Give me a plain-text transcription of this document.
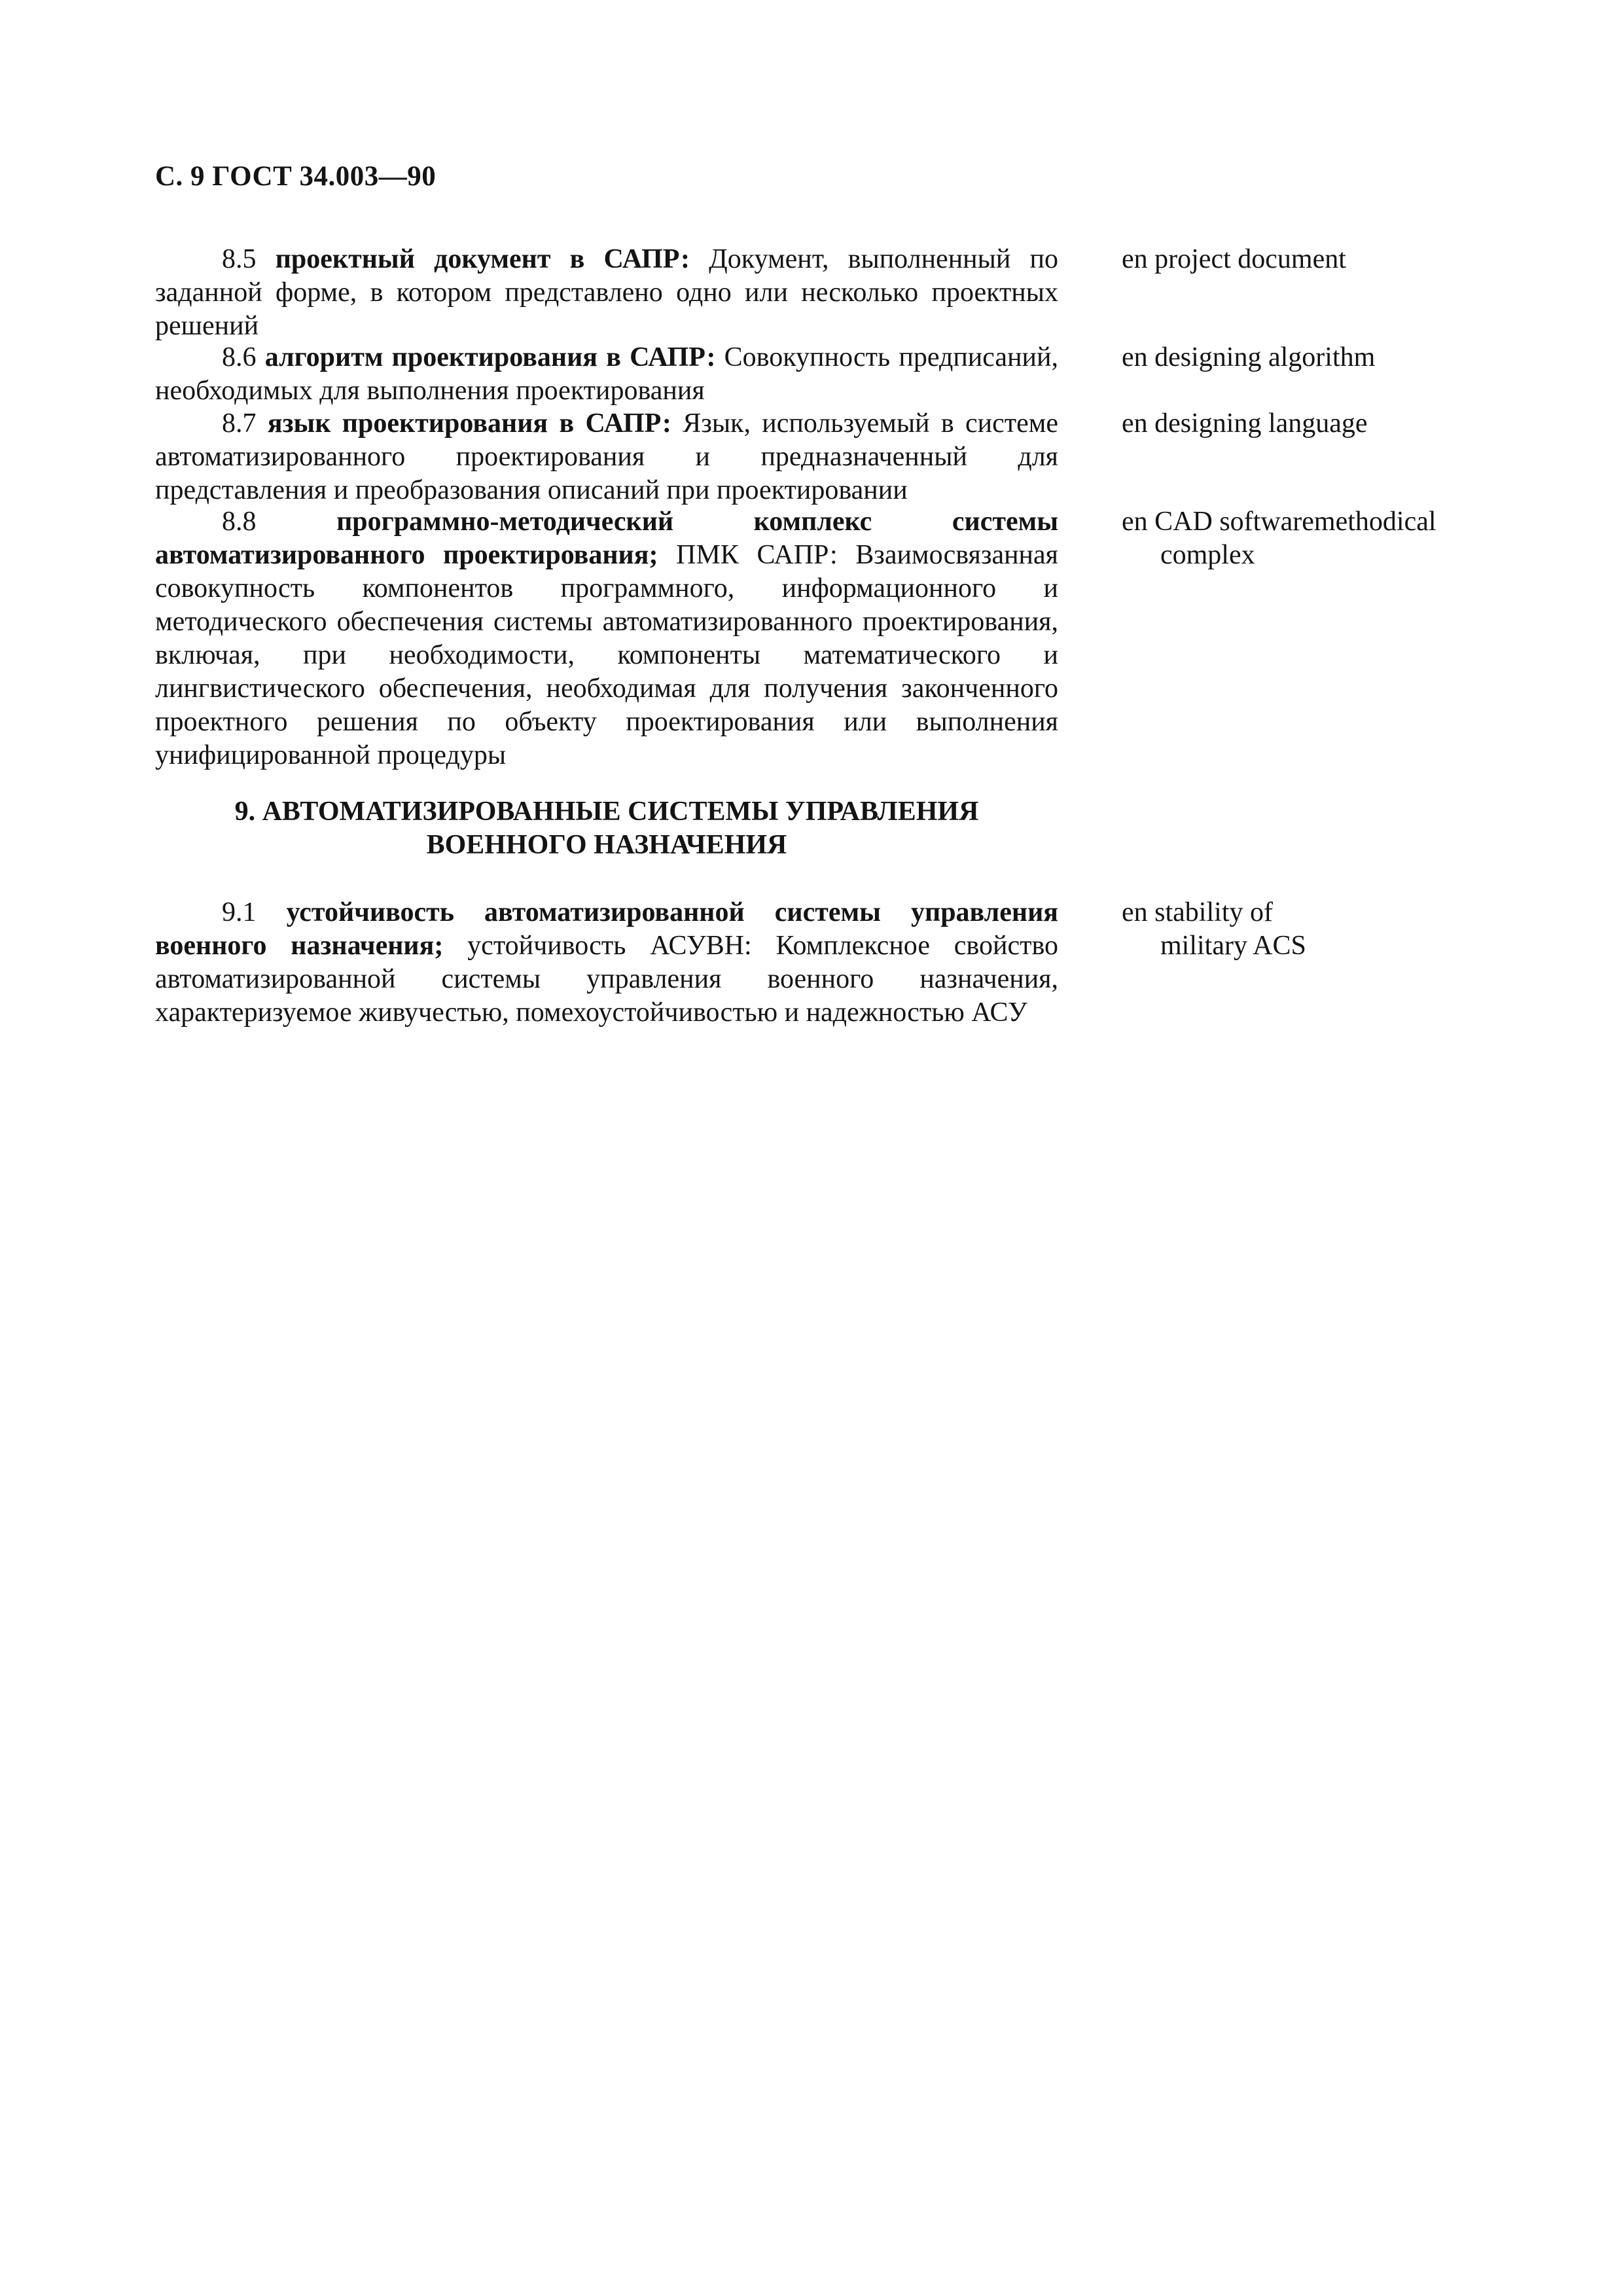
С. 9 ГОСТ 34.003—90
8.5 проектный документ в САПР: Документ, выполненный по заданной форме, в котором представлено одно или несколько проектных решений
en project document
8.6 алгоритм проектирования в САПР: Совокупность предписаний, необходимых для выполнения проектирования
en designing algorithm
8.7 язык проектирования в САПР: Язык, используемый в системе автоматизированного проектирования и предназначенный для представления и преобразования описаний при проектировании
en designing language
8.8	программно-методический комплекс системы автоматизированного проектирования; ПМК САПР: Взаимосвязанная совокупность компонентов программного, информационного и методического обеспечения системы автоматизированного проектирования, включая, при необходимости, компоненты математического и лингвистического обеспечения, необходимая для получения законченного проектного решения по объекту проектирования или выполнения унифицированной процедуры
en CAD softwaremethodical
complex
9. АВТОМАТИЗИРОВАННЫЕ СИСТЕМЫ УПРАВЛЕНИЯ
ВОЕННОГО НАЗНАЧЕНИЯ
9.1 устойчивость автоматизированной системы управления военного назначения; устойчивость АСУВН: Комплексное свойство автоматизированной системы управления военного назначения, характеризуемое живучестью, помехоустойчивостью и надежностью АСУ
en stability of
military ACS
